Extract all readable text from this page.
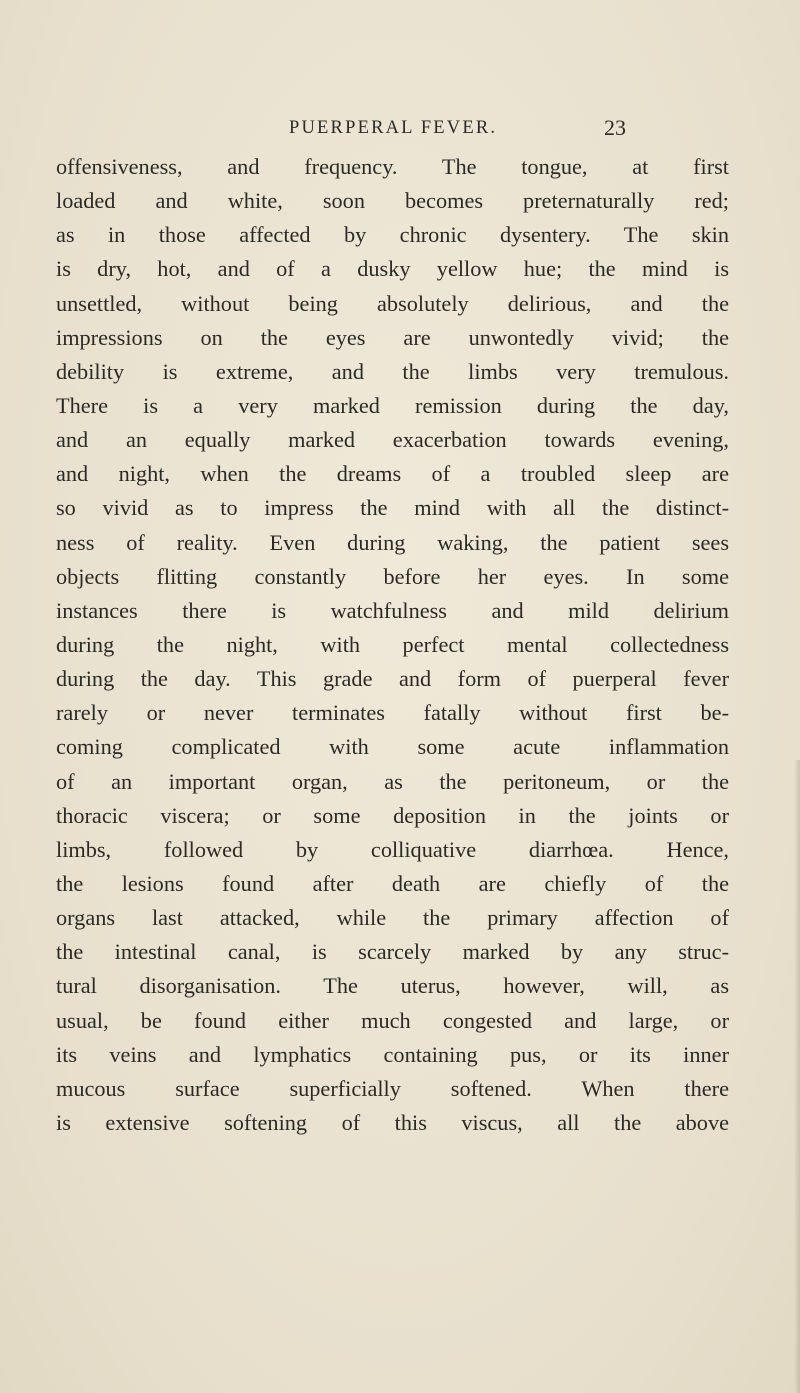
PUERPERAL FEVER.	23
offensiveness, and frequency. The tongue, at first
loaded and white, soon becomes preternaturally red;
as in those affected by chronic dysentery. The skin
is dry, hot, and of a dusky yellow hue; the mind is
unsettled, without being absolutely delirious, and the
impressions on the eyes are unwontedly vivid; the
debility is extreme, and the limbs very tremulous.
There is a very marked remission during the day,
and an equally marked exacerbation towards evening,
and night, when the dreams of a troubled sleep are
so vivid as to impress the mind with all the distinct-
ness of reality. Even during waking, the patient sees
objects flitting constantly before her eyes. In some
instances there is watchfulness and mild delirium
during the night, with perfect mental collectedness
during the day. This grade and form of puerperal fever
rarely or never terminates fatally without first be-
coming complicated with some acute inflammation
of an important organ, as the peritoneum, or the
thoracic viscera; or some deposition in the joints or
limbs, followed by colliquative diarrhœa. Hence,
the lesions found after death are chiefly of the
organs last attacked, while the primary affection of
the intestinal canal, is scarcely marked by any struc-
tural disorganisation. The uterus, however, will, as
usual, be found either much congested and large, or
its veins and lymphatics containing pus, or its inner
mucous surface superficially softened. When there
is extensive softening of this viscus, all the above
